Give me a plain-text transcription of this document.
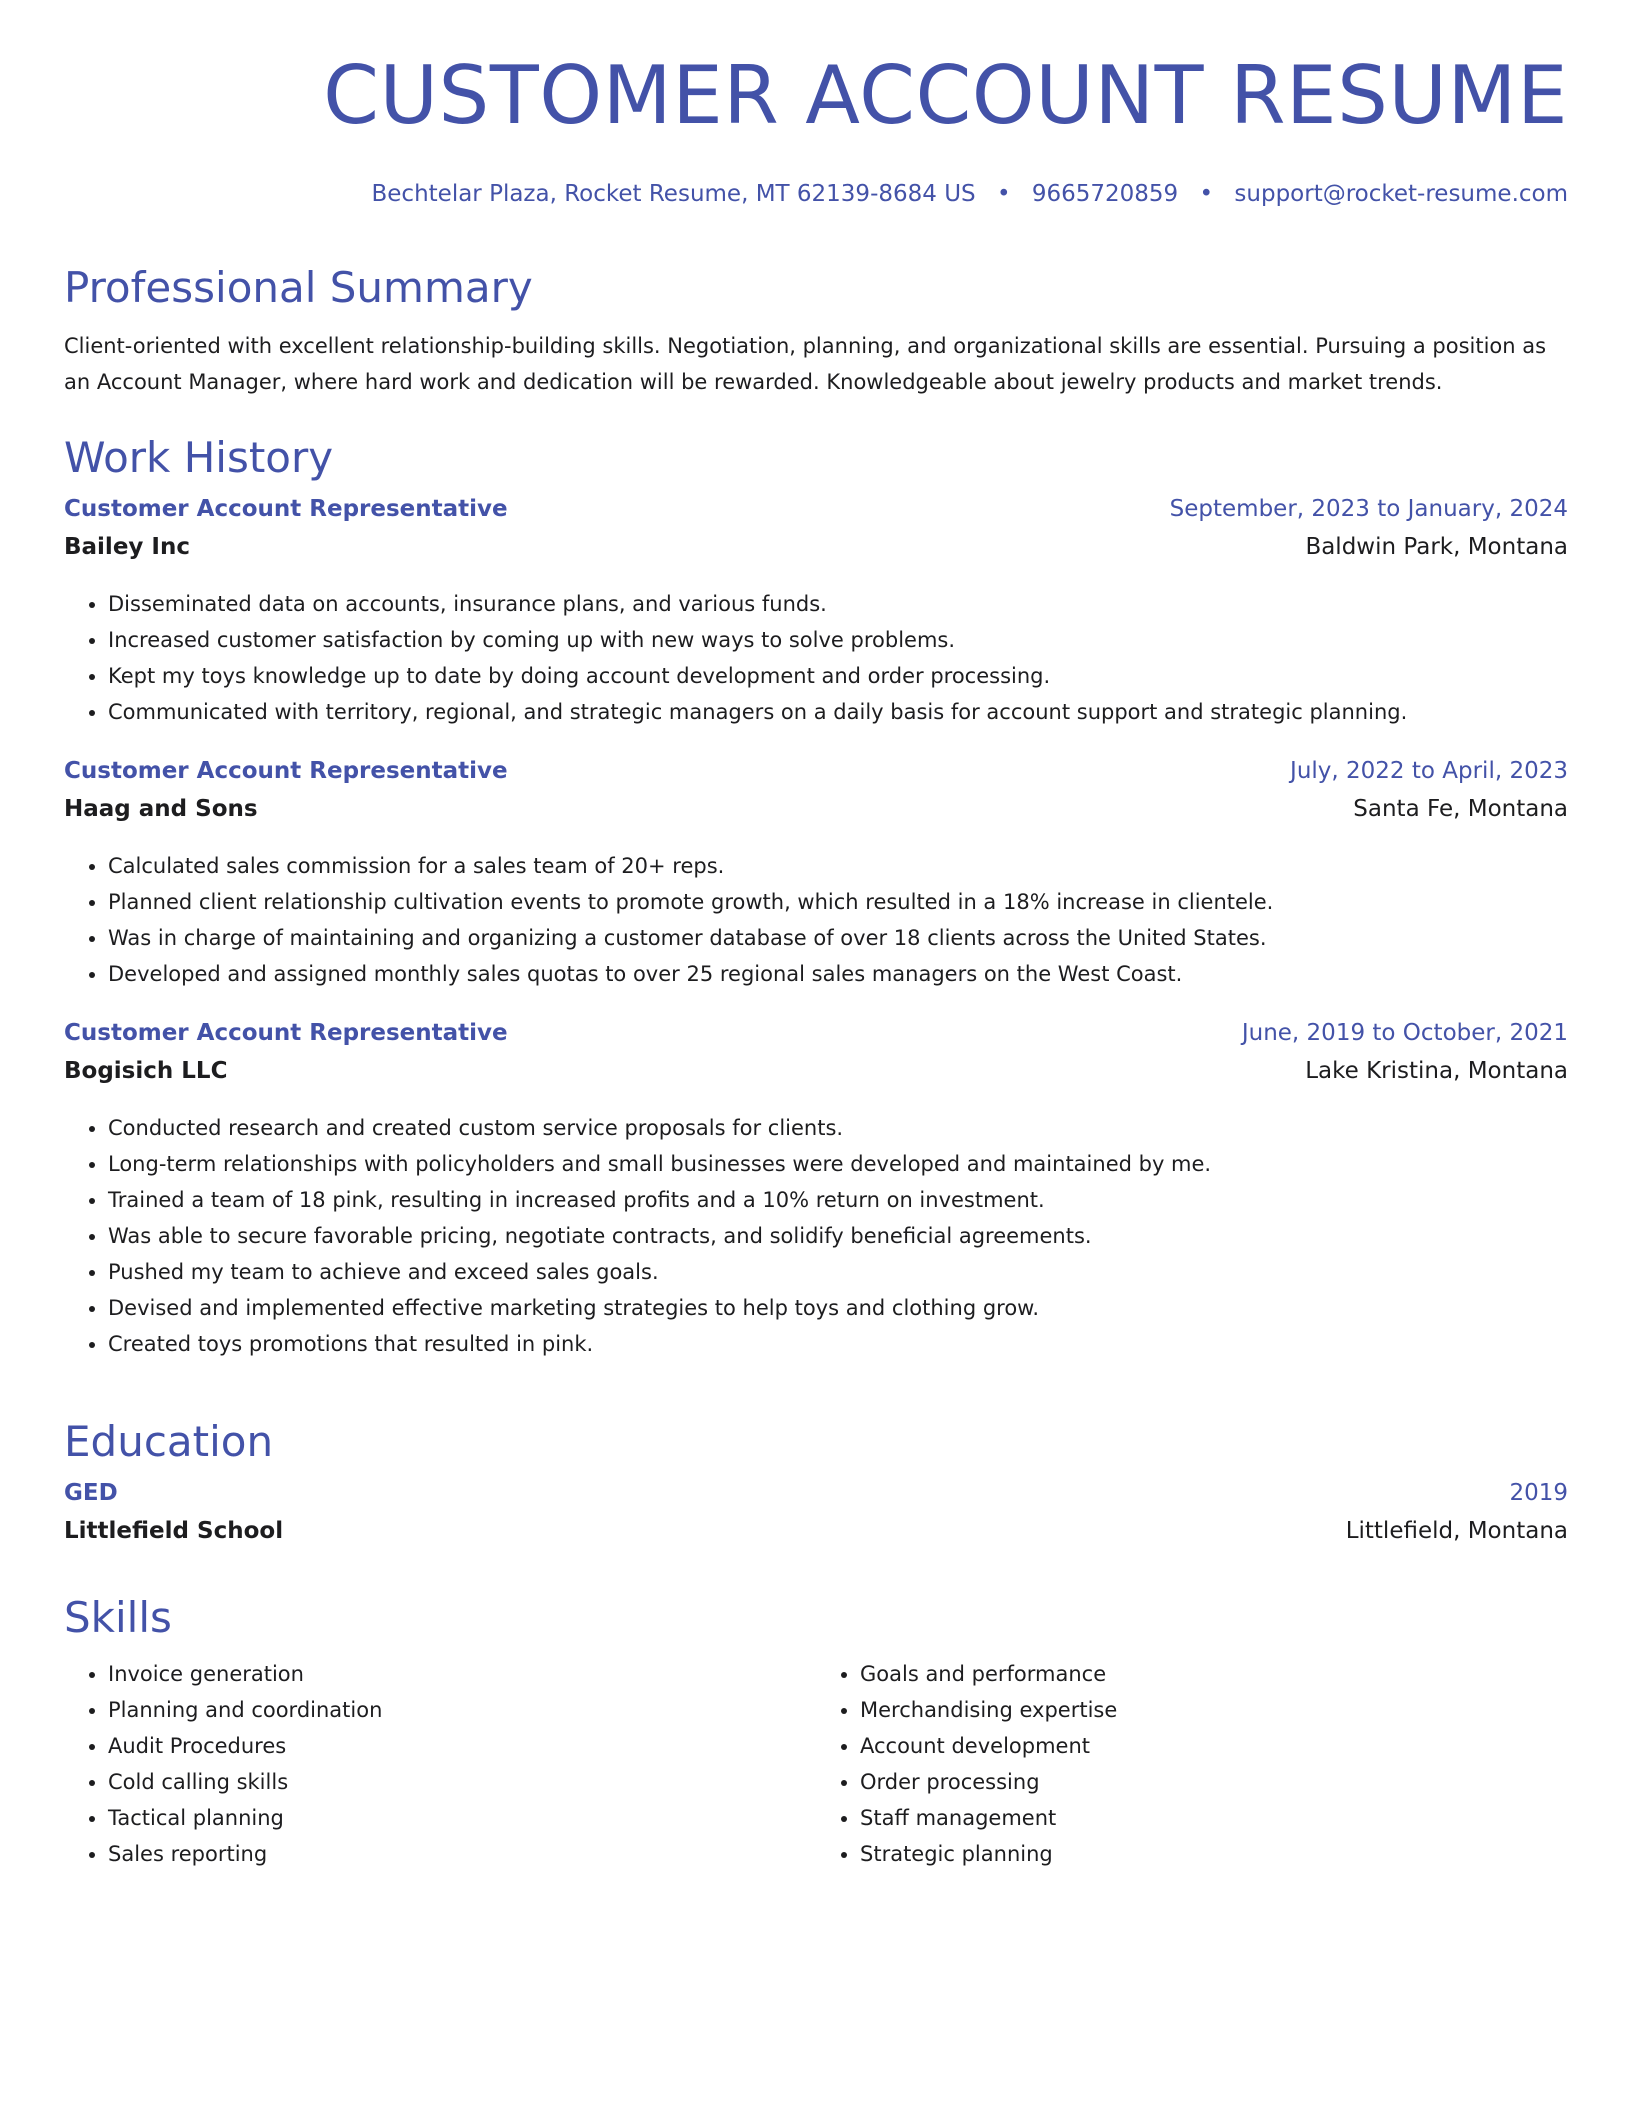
CUSTOMER ACCOUNT RESUME
Bechtelar Plaza, Rocket Resume, MT 62139-8684 US • 9665720859 • support@rocket-resume.com
Professional Summary

Client-oriented with excellent relationship-building skills. Negotiation, planning, and organizational skills are essential. Pursuing a position as an Account Manager, where hard work and dedication will be rewarded. Knowledgeable about jewelry products and market trends.

Work History
Customer Account Representative	September, 2023 to January, 2024
Bailey Inc	Baldwin Park, Montana
• Disseminated data on accounts, insurance plans, and various funds.
• Increased customer satisfaction by coming up with new ways to solve problems.
• Kept my toys knowledge up to date by doing account development and order processing.
• Communicated with territory, regional, and strategic managers on a daily basis for account support and strategic planning.
Customer Account Representative	July, 2022 to April, 2023
Haag and Sons	Santa Fe, Montana
• Calculated sales commission for a sales team of 20+ reps.
• Planned client relationship cultivation events to promote growth, which resulted in a 18% increase in clientele.
• Was in charge of maintaining and organizing a customer database of over 18 clients across the United States.
• Developed and assigned monthly sales quotas to over 25 regional sales managers on the West Coast.
Customer Account Representative	June, 2019 to October, 2021
Bogisich LLC	Lake Kristina, Montana
• Conducted research and created custom service proposals for clients.
• Long-term relationships with policyholders and small businesses were developed and maintained by me.
• Trained a team of 18 pink, resulting in increased profits and a 10% return on investment.
• Was able to secure favorable pricing, negotiate contracts, and solidify beneficial agreements.
• Pushed my team to achieve and exceed sales goals.
• Devised and implemented effective marketing strategies to help toys and clothing grow.
• Created toys promotions that resulted in pink.
Education
GED	2019
Littlefield School	Littlefield, Montana
Skills
• Invoice generation
• Planning and coordination
• Audit Procedures
• Cold calling skills
• Tactical planning
• Sales reporting
• Goals and performance
• Merchandising expertise
• Account development
• Order processing
• Staff management
• Strategic planning
